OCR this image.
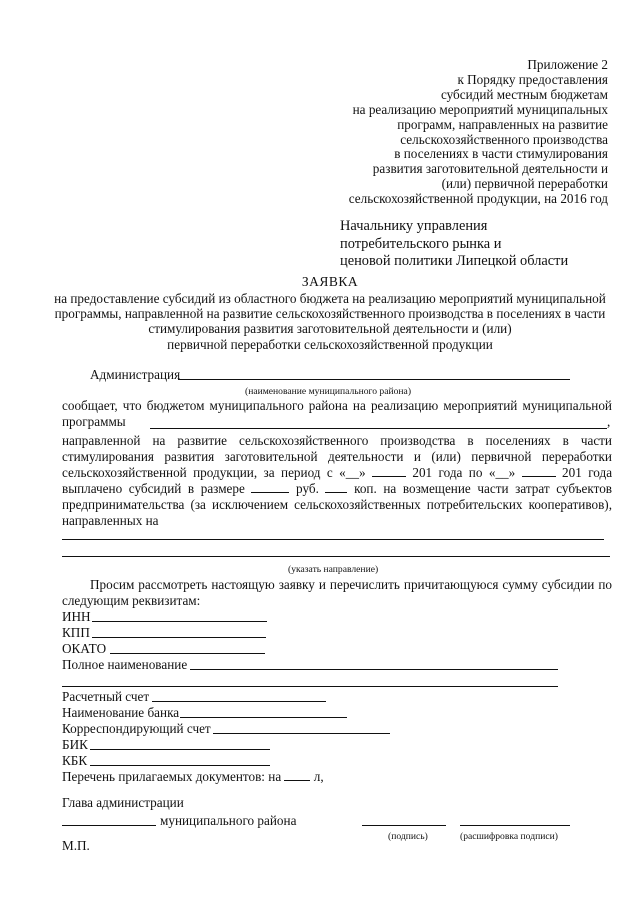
Приложение 2
к Порядку предоставления
субсидий местным бюджетам
на реализацию мероприятий муниципальных
программ, направленных на развитие
сельскохозяйственного производства
в поселениях в части стимулирования
развития заготовительной деятельности и
(или) первичной переработки
сельскохозяйственной продукции, на 2016 год
Начальнику управления
потребительского рынка и
ценовой политики Липецкой области
ЗАЯВКА
на предоставление субсидий из областного бюджета на реализацию мероприятий муниципальной
программы, направленной на развитие сельскохозяйственного производства в поселениях в части
стимулирования развития заготовительной деятельности и (или)
первичной переработки сельскохозяйственной продукции
Администрация
(наименование муниципального района)
сообщает, что бюджетом муниципального района на реализацию мероприятий муниципальной
программы	,
направленной на развитие сельскохозяйственного производства в поселениях в части
стимулирования развития заготовительной деятельности и (или) первичной переработки
сельскохозяйственной продукции, за период с «__»	201 года по «__»	201 года
выплачено субсидий в размере	руб.	коп. на возмещение части затрат субъектов
предпринимательства (за исключением сельскохозяйственных потребительских кооперативов),
направленных на
(указать направление)
Просим рассмотреть настоящую заявку и перечислить причитающуюся сумму субсидии по
следующим реквизитам:
ИНН
КПП
ОКАТО
Полное наименование
Расчетный счет
Наименование банка
Корреспондирующий счет
БИК
КБК
Перечень прилагаемых документов: на л,
Глава администрации
муниципального района
(подпись)	(расшифровка подписи)
М.П.
